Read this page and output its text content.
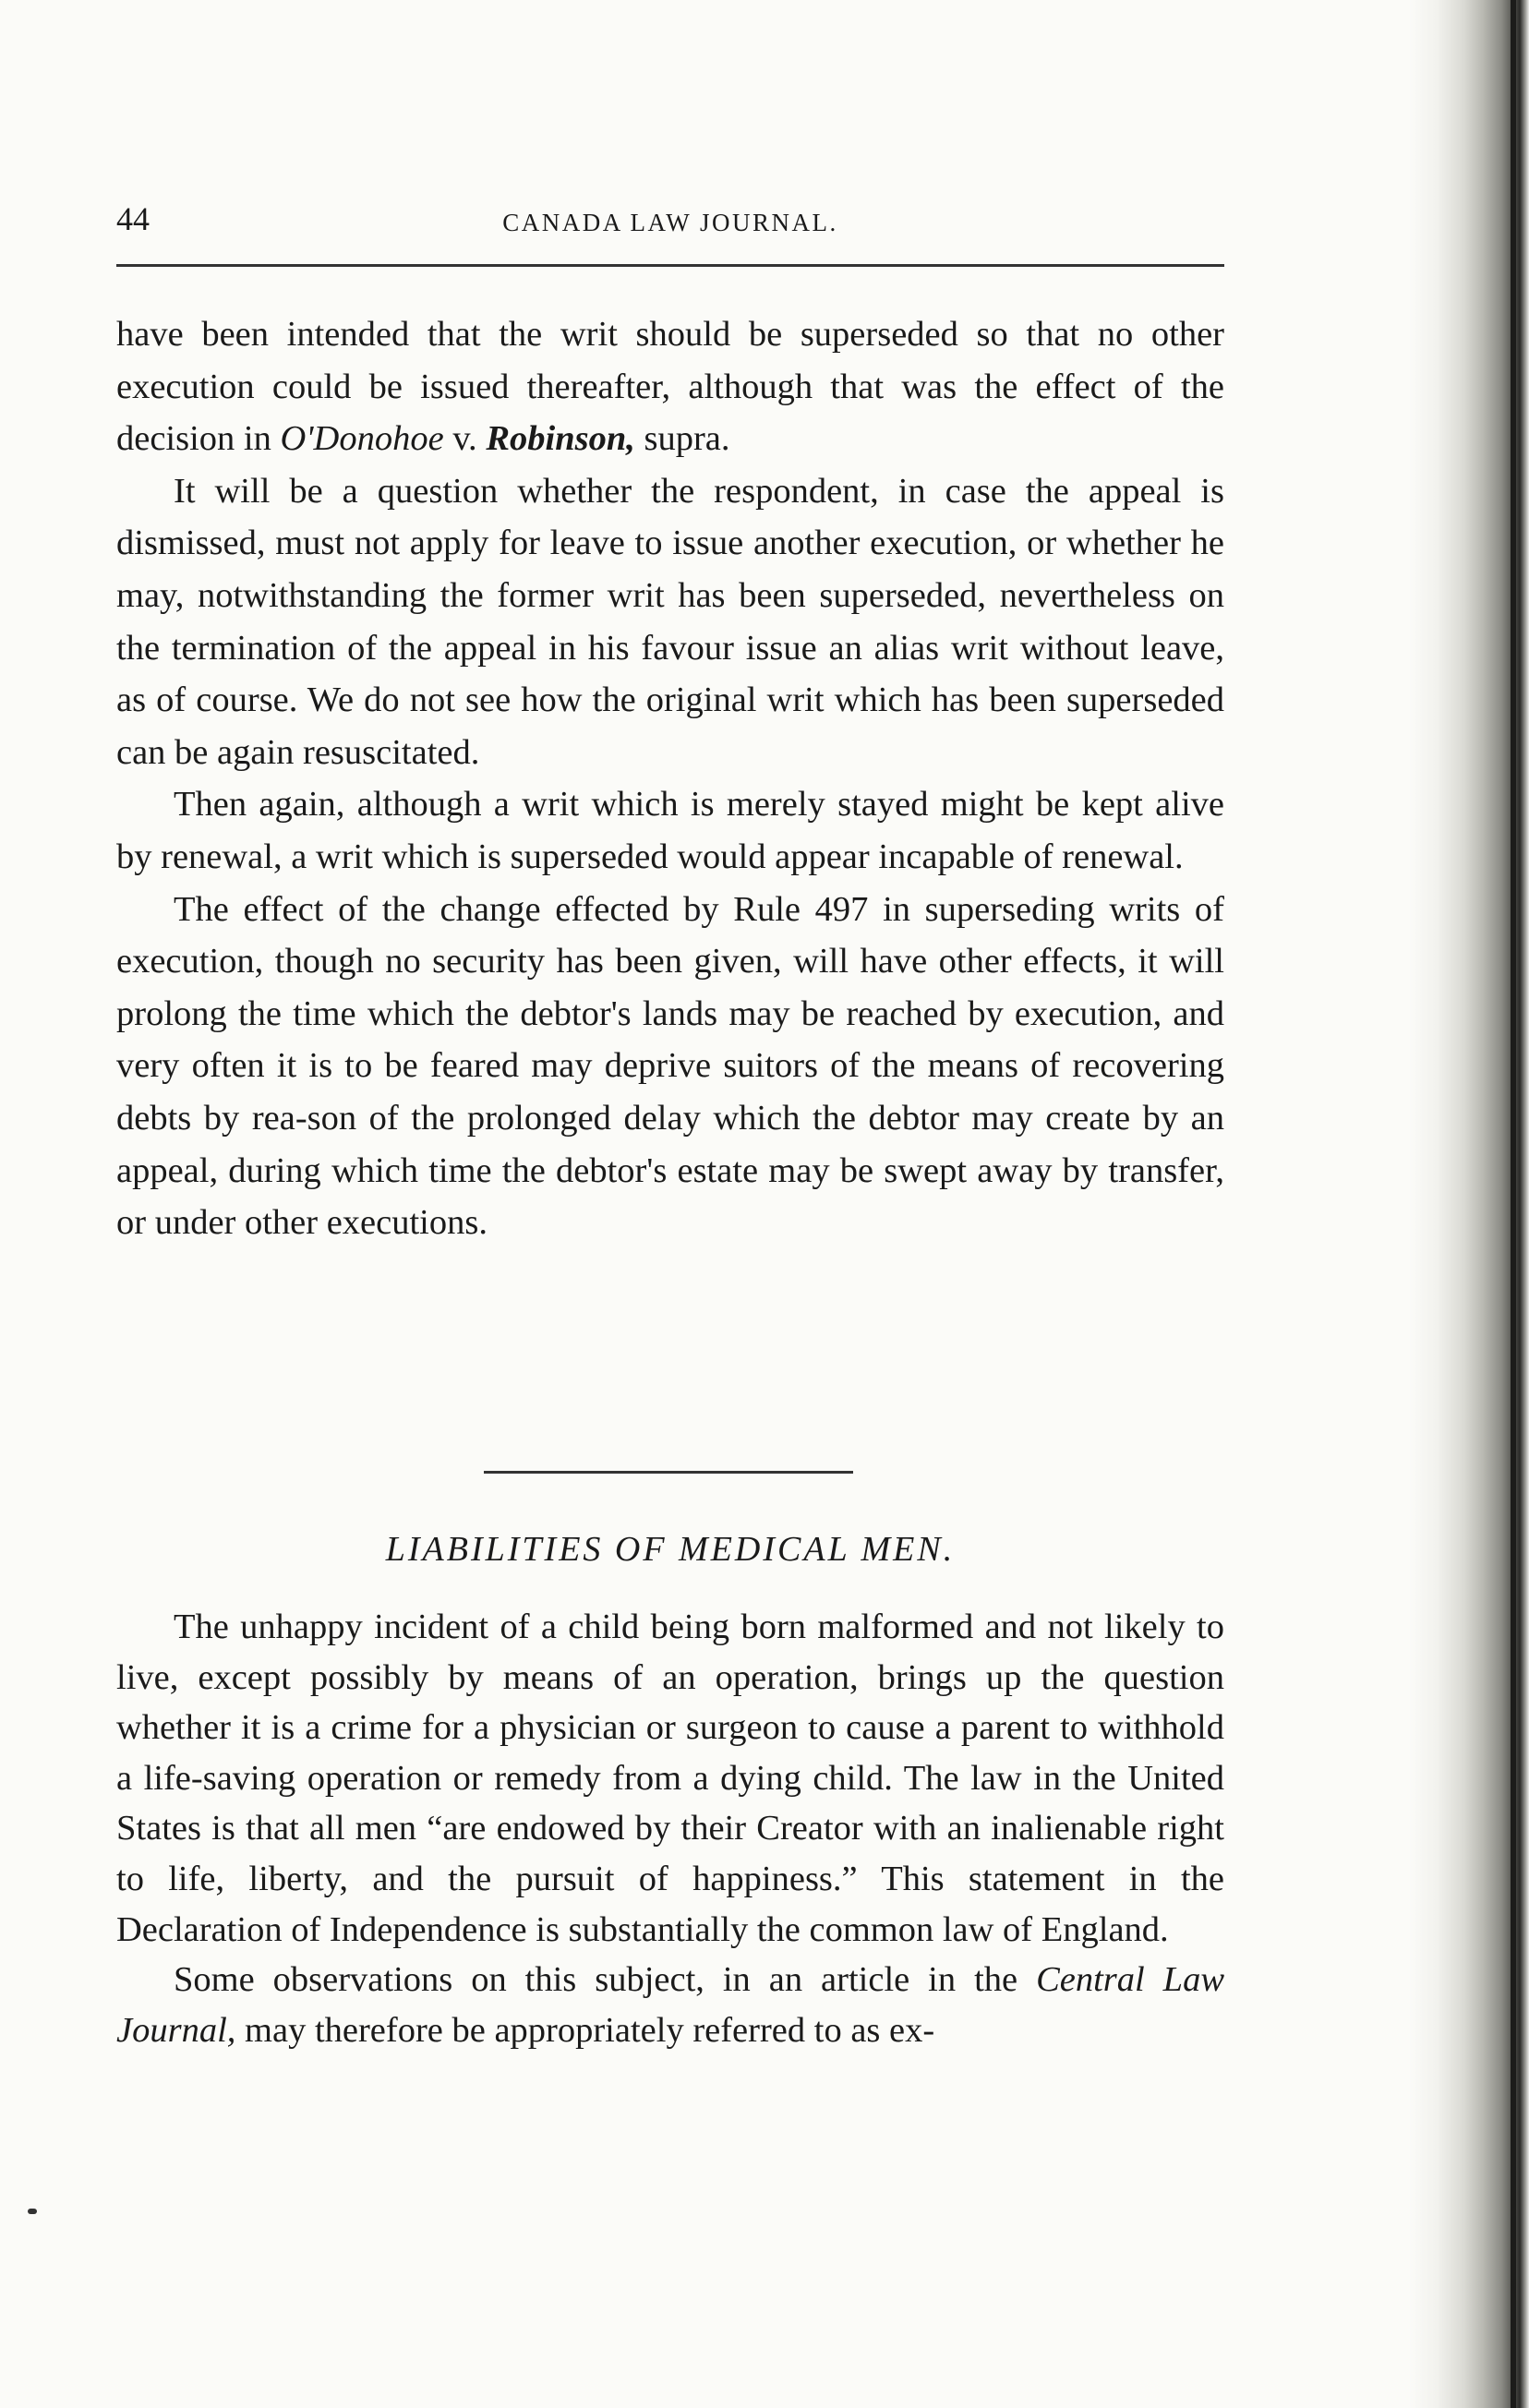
44	CANADA LAW JOURNAL.

have been intended that the writ should be superseded so that no other execution could be issued thereafter, although that was the effect of the decision in O'Donohoe v. Robinson, supra.

It will be a question whether the respondent, in case the appeal is dismissed, must not apply for leave to issue another execution, or whether he may, notwithstanding the former writ has been superseded, nevertheless on the termination of the appeal in his favour issue an alias writ without leave, as of course. We do not see how the original writ which has been superseded can be again resuscitated.

Then again, although a writ which is merely stayed might be kept alive by renewal, a writ which is superseded would appear incapable of renewal.

The effect of the change effected by Rule 497 in superseding writs of execution, though no security has been given, will have other effects, it will prolong the time which the debtor's lands may be reached by execution, and very often it is to be feared may deprive suitors of the means of recovering debts by rea-son of the prolonged delay which the debtor may create by an appeal, during which time the debtor's estate may be swept away by transfer, or under other executions.

LIABILITIES OF MEDICAL MEN.

The unhappy incident of a child being born malformed and not likely to live, except possibly by means of an operation, brings up the question whether it is a crime for a physician or surgeon to cause a parent to withhold a life-saving operation or remedy from a dying child. The law in the United States is that all men “are endowed by their Creator with an inalienable right to life, liberty, and the pursuit of happiness.” This statement in the Declaration of Independence is substantially the common law of England.

Some observations on this subject, in an article in the Central Law Journal, may therefore be appropriately referred to as ex-
